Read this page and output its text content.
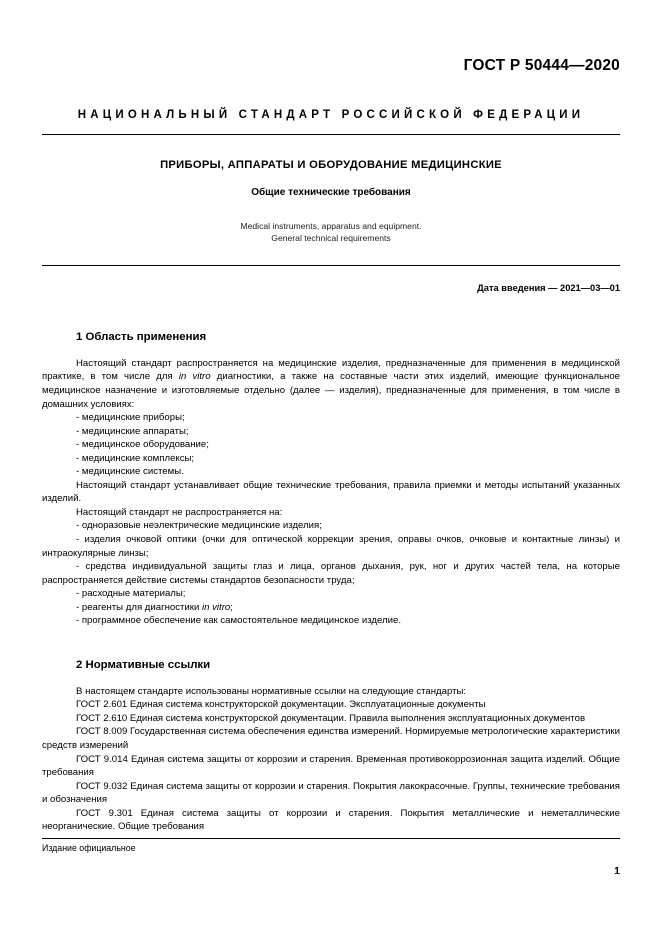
ГОСТ Р 50444—2020
НАЦИОНАЛЬНЫЙ СТАНДАРТ РОССИЙСКОЙ ФЕДЕРАЦИИ
ПРИБОРЫ, АППАРАТЫ И ОБОРУДОВАНИЕ МЕДИЦИНСКИЕ
Общие технические требования
Medical instruments, apparatus and equipment.
General technical requirements
Дата введения — 2021—03—01
1 Область применения

Настоящий стандарт распространяется на медицинские изделия, предназначенные для применения в медицинской практике, в том числе для in vitro диагностики, а также на составные части этих изделий, имеющие функциональное медицинское назначение и изготовляемые отдельно (далее — изделия), предназначенные для применения, в том числе в домашних условиях:

- медицинские приборы;

- медицинские аппараты;

- медицинское оборудование;

- медицинские комплексы;

- медицинские системы.

Настоящий стандарт устанавливает общие технические требования, правила приемки и методы испытаний указанных изделий.

Настоящий стандарт не распространяется на:

- одноразовые неэлектрические медицинские изделия;

- изделия очковой оптики (очки для оптической коррекции зрения, оправы очков, очковые и контактные линзы) и интраокулярные линзы;

- средства индивидуальной защиты глаз и лица, органов дыхания, рук, ног и других частей тела, на которые распространяется действие системы стандартов безопасности труда;

- расходные материалы;

- реагенты для диагностики in vitro;

- программное обеспечение как самостоятельное медицинское изделие.

2 Нормативные ссылки

В настоящем стандарте использованы нормативные ссылки на следующие стандарты:

ГОСТ 2.601 Единая система конструкторской документации. Эксплуатационные документы

ГОСТ 2.610 Единая система конструкторской документации. Правила выполнения эксплуатационных документов

ГОСТ 8.009 Государственная система обеспечения единства измерений. Нормируемые метрологические характеристики средств измерений

ГОСТ 9.014 Единая система защиты от коррозии и старения. Временная противокоррозионная защита изделий. Общие требования

ГОСТ 9.032 Единая система защиты от коррозии и старения. Покрытия лакокрасочные. Группы, технические требования и обозначения

ГОСТ 9.301 Единая система защиты от коррозии и старения. Покрытия металлические и неметаллические неорганические. Общие требования

Издание официальное
1
